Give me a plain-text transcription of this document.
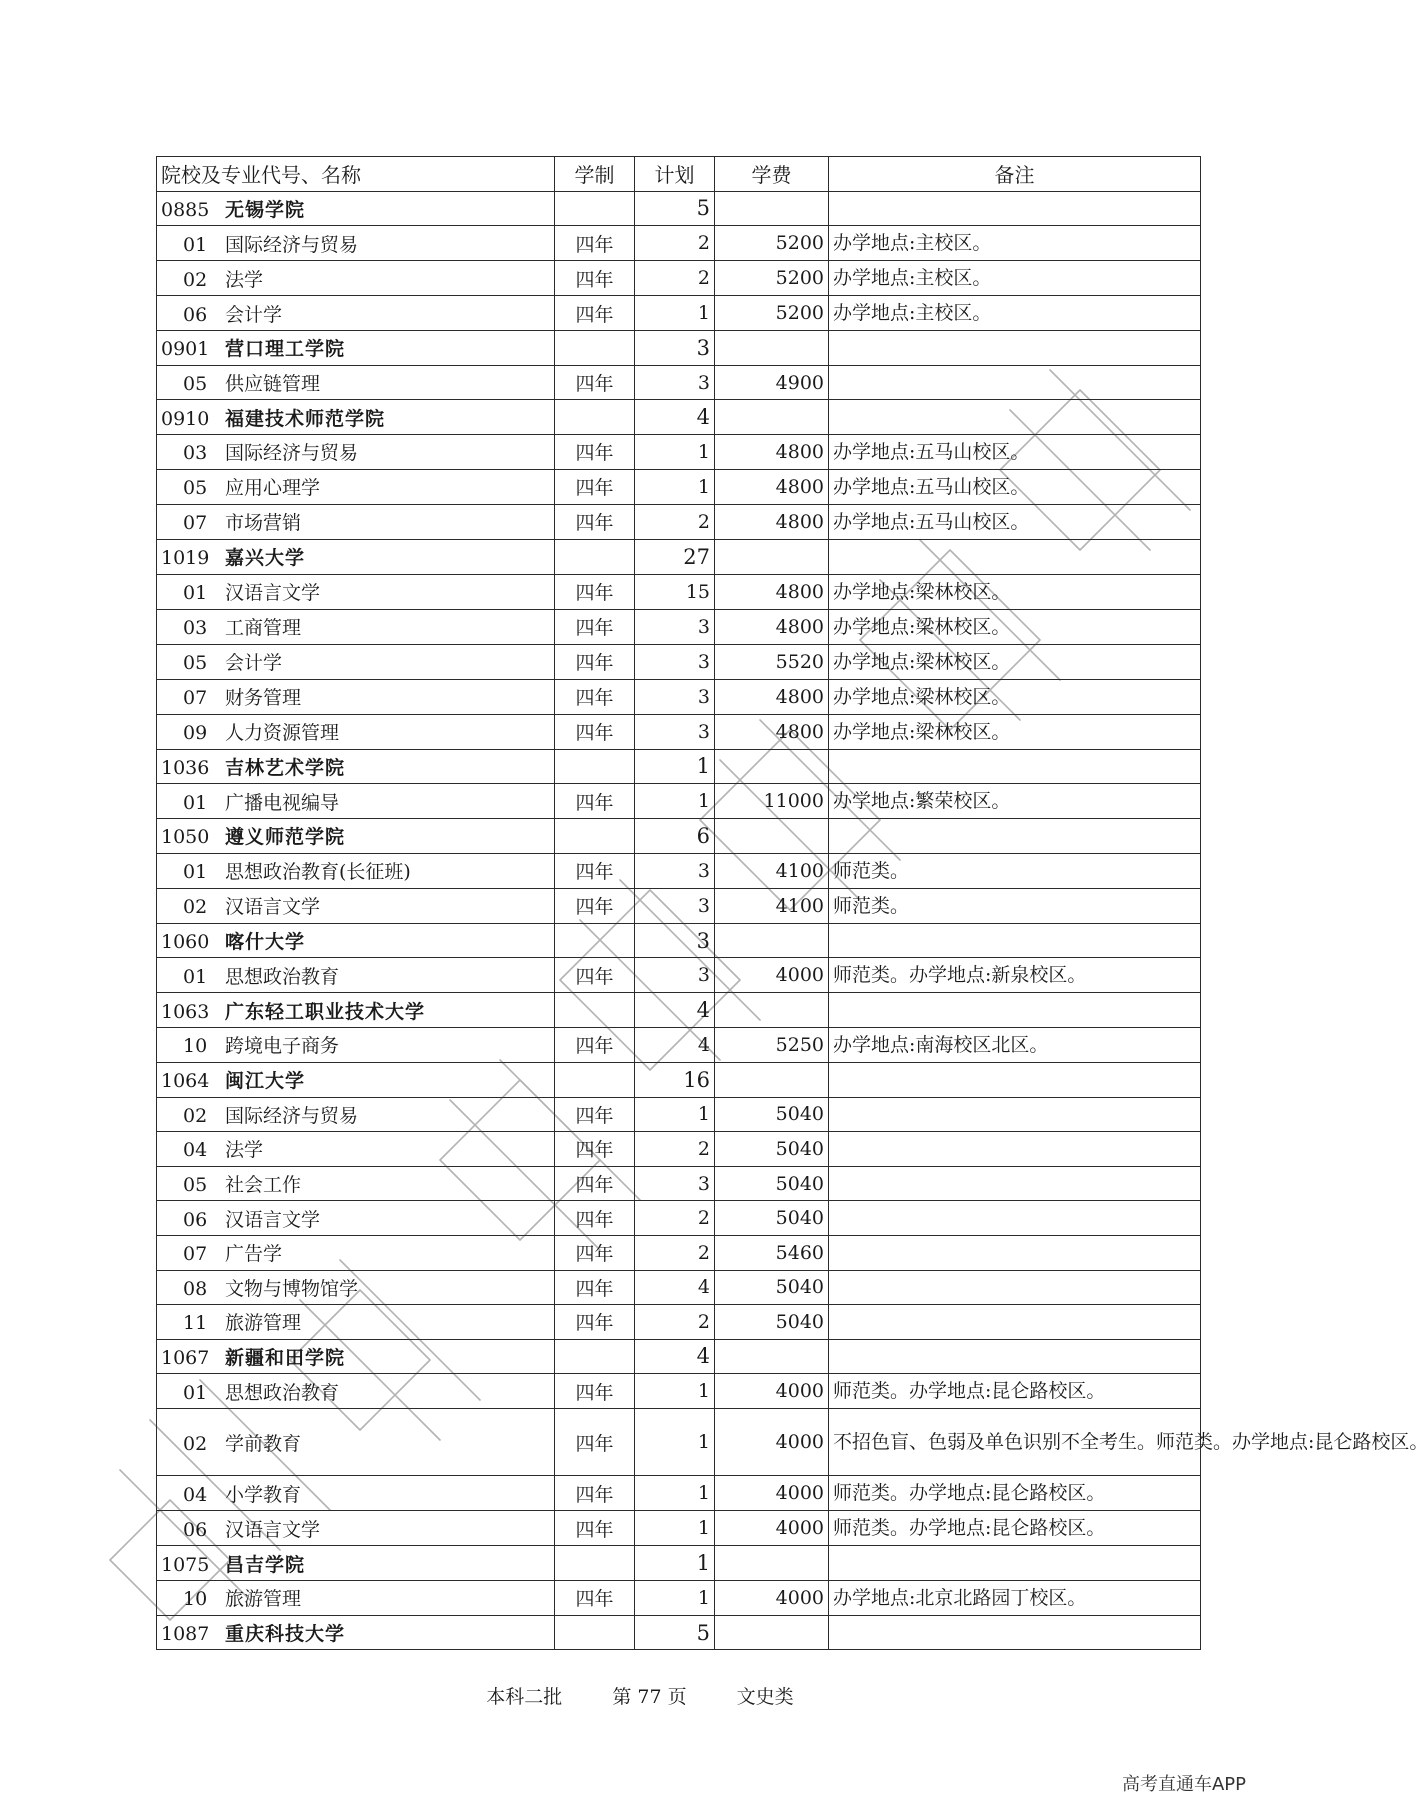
院校及专业代号、名称	学制	计划	学费	备注
0885 无锡学院		5		
01 国际经济与贸易	四年	2	5200	办学地点:主校区。
02 法学	四年	2	5200	办学地点:主校区。
06 会计学	四年	1	5200	办学地点:主校区。
0901 营口理工学院		3		
05 供应链管理	四年	3	4900	
0910 福建技术师范学院		4		
03 国际经济与贸易	四年	1	4800	办学地点:五马山校区。
05 应用心理学	四年	1	4800	办学地点:五马山校区。
07 市场营销	四年	2	4800	办学地点:五马山校区。
1019 嘉兴大学		27		
01 汉语言文学	四年	15	4800	办学地点:梁林校区。
03 工商管理	四年	3	4800	办学地点:梁林校区。
05 会计学	四年	3	5520	办学地点:梁林校区。
07 财务管理	四年	3	4800	办学地点:梁林校区。
09 人力资源管理	四年	3	4800	办学地点:梁林校区。
1036 吉林艺术学院		1		
01 广播电视编导	四年	1	11000	办学地点:繁荣校区。
1050 遵义师范学院		6		
01 思想政治教育(长征班)	四年	3	4100	师范类。
02 汉语言文学	四年	3	4100	师范类。
1060 喀什大学		3		
01 思想政治教育	四年	3	4000	师范类。办学地点:新泉校区。
1063 广东轻工职业技术大学		4		
10 跨境电子商务	四年	4	5250	办学地点:南海校区北区。
1064 闽江大学		16		
02 国际经济与贸易	四年	1	5040	
04 法学	四年	2	5040	
05 社会工作	四年	3	5040	
06 汉语言文学	四年	2	5040	
07 广告学	四年	2	5460	
08 文物与博物馆学	四年	4	5040	
11 旅游管理	四年	2	5040	
1067 新疆和田学院		4		
01 思想政治教育	四年	1	4000	师范类。办学地点:昆仑路校区。
02 学前教育	四年	1	4000	不招色盲、色弱及单色识别不全考生。师范类。办学地点:昆仑路校区。
04 小学教育	四年	1	4000	师范类。办学地点:昆仑路校区。
06 汉语言文学	四年	1	4000	师范类。办学地点:昆仑路校区。
1075 昌吉学院		1		
10 旅游管理	四年	1	4000	办学地点:北京北路园丁校区。
1087 重庆科技大学		5		
本科二批	第 77 页	文史类
高考直通车APP
